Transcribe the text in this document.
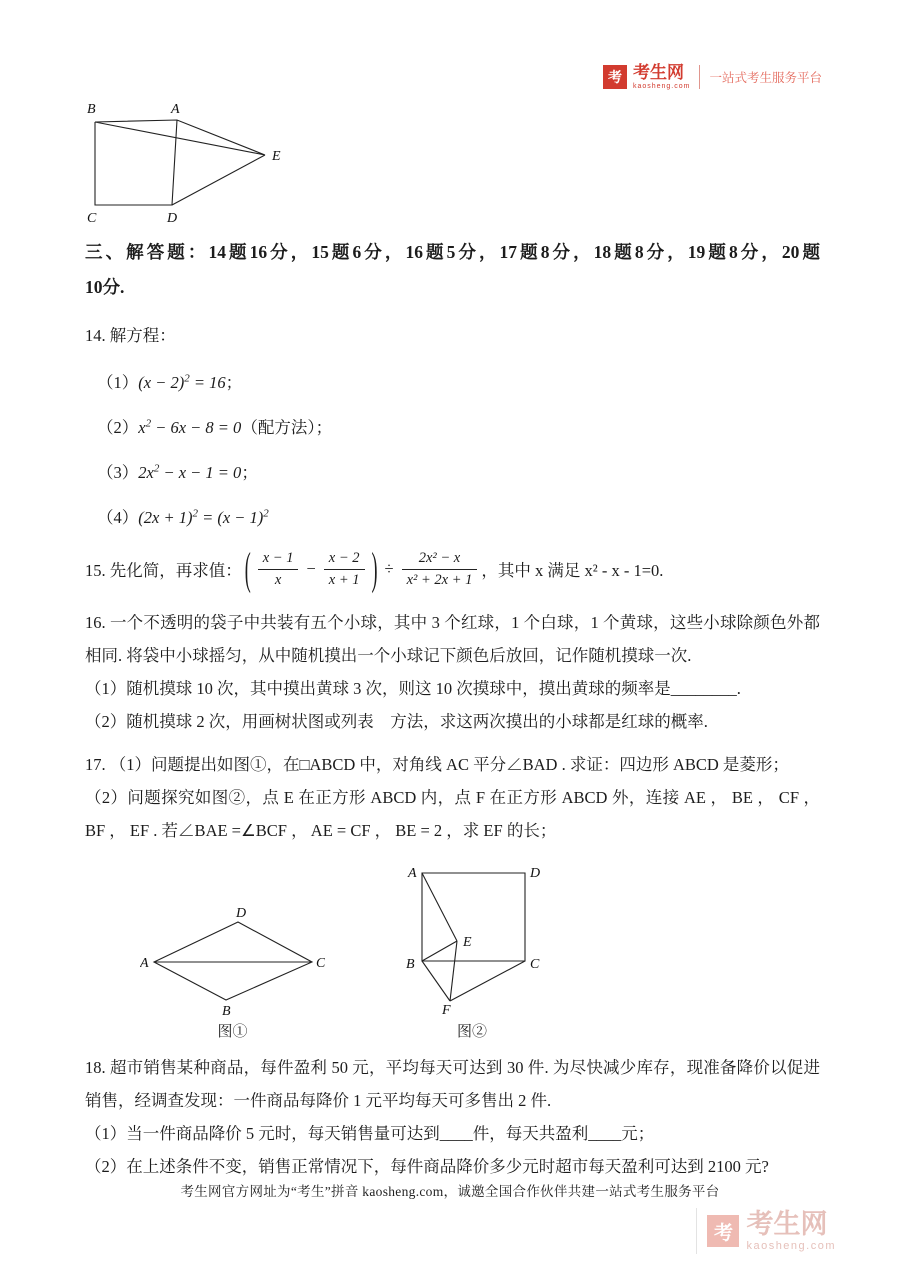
考 考生网
kaosheng.com
一站式考生服务平台
B	A
E
C	D
三、解答题：14题16分，15题6分，16题5分，17题8分，18题8分，19题8分，20题
10分.

14. 解方程：

$(1)(x - 2)^2 = 16$；
$(2)x^2 - 6x - 8 = 0$（配方法）；
$(3)2x^2 - x - 1 = 0$；
$(4)(2x + 1)^2 = (x - 1)^2$
15. 先化简，再求值： ( $\frac{x - 1}{x} - \frac{x - 2}{x + 1}$ ) ÷ $\frac{\text{2x² − x}}{\text{x² + 2x + 1}}$ ，其中 x 满足 x² - x - 1=0.

16. 一个不透明的袋子中共装有五个小球，其中 3 个红球，1 个白球，1 个黄球，这些小球除颜色外都相同. 将袋中小球摇匀，从中随机摸出一个小球记下颜色后放回，记作随机摸球一次.

（1）随机摸球 10 次，其中摸出黄球 3 次，则这 10 次摸球中，摸出黄球的频率是________.

（2）随机摸球 2 次，用画树状图或列表　方法，求这两次摸出的小球都是红球的概率.

17. （1）问题提出如图①，在□ABCD 中，对角线 AC 平分∠BAD . 求证：四边形 ABCD 是菱形；

（2）问题探究如图②，点 E 在正方形 ABCD 内，点 F 在正方形 ABCD 外，连接 AE ， BE ， CF ， BF ， EF . 若∠BAE =∠BCF ， AE = CF ， BE = 2 ，求 EF 的长；

D
A	C
B
图①
A	D
B	C
E
F
图②

18. 超市销售某种商品，每件盈利 50 元，平均每天可达到 30 件. 为尽快减少库存，现准备降价以促进销售，经调查发现：一件商品每降价 1 元平均每天可多售出 2 件.

（1）当一件商品降价 5 元时，每天销售量可达到____件，每天共盈利____元；

（2）在上述条件不变，销售正常情况下，每件商品降价多少元时超市每天盈利可达到 2100 元?

考生网官方网址为“考生”拼音 kaosheng.com，诚邀全国合作伙伴共建一站式考生服务平台
考 考生网
kaosheng.com
